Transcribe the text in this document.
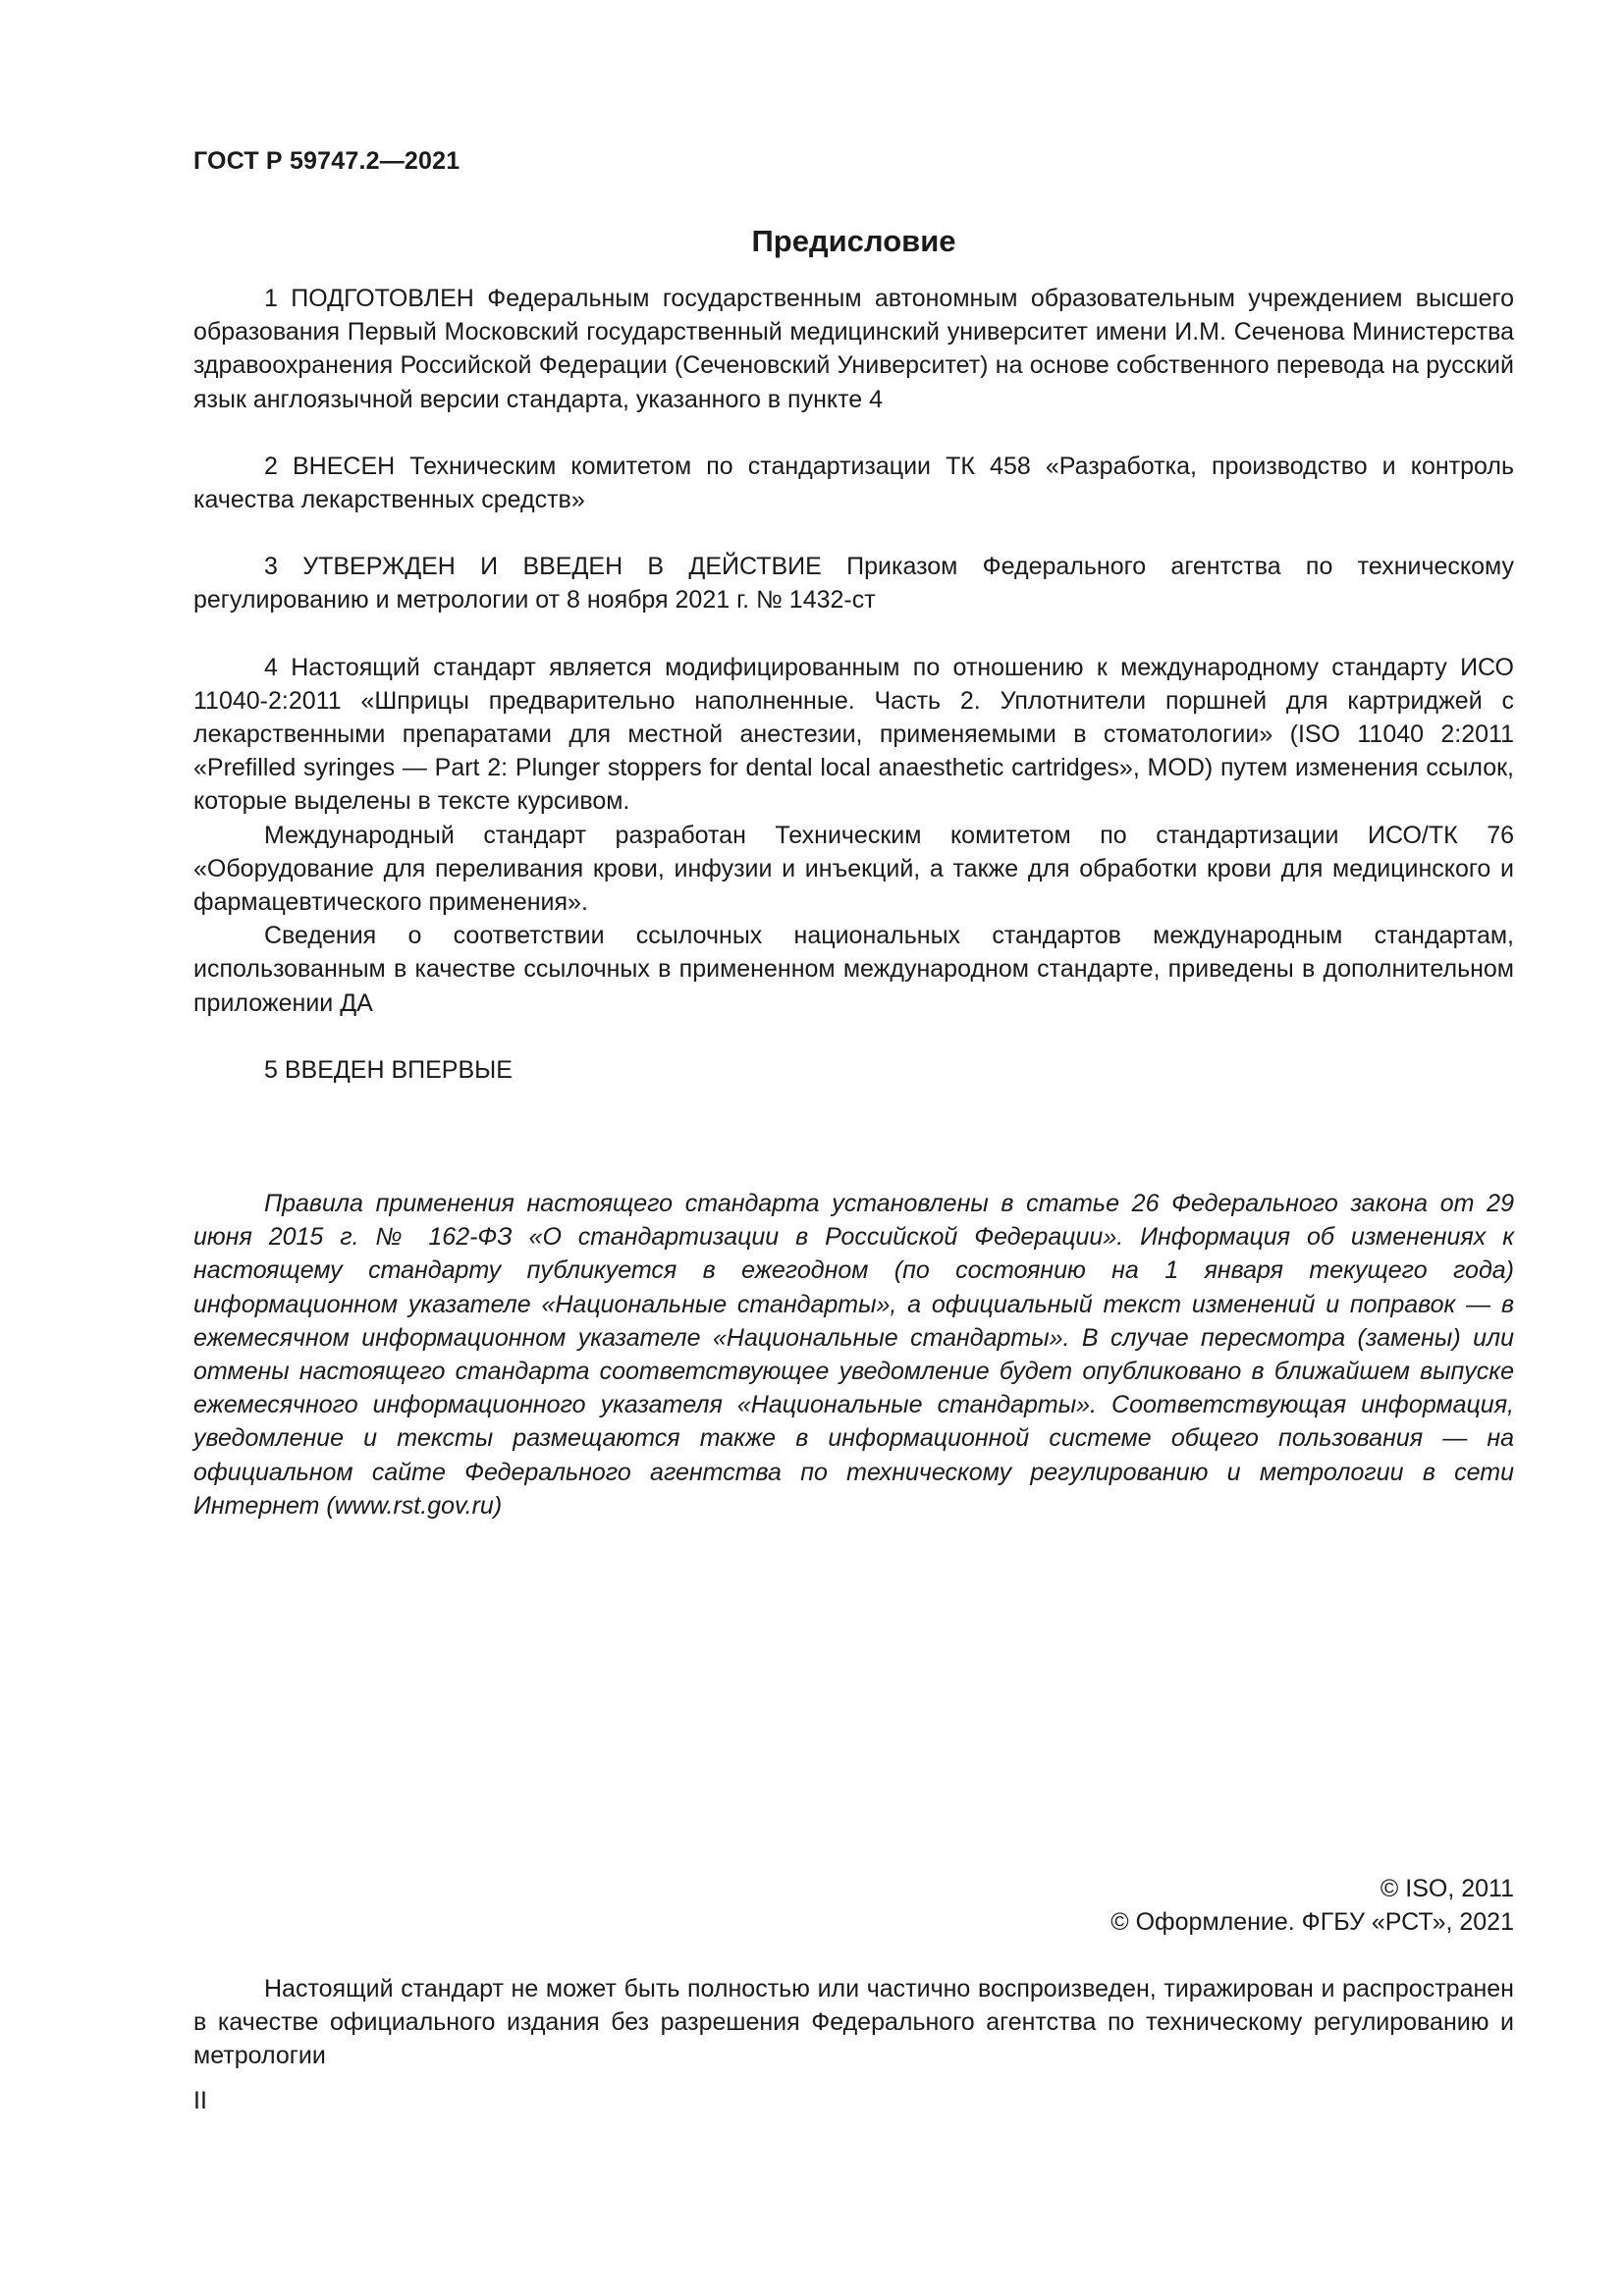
ГОСТ Р 59747.2—2021
Предисловие

1 ПОДГОТОВЛЕН Федеральным государственным автономным образовательным учреждением высшего образования Первый Московский государственный медицинский университет имени И.М. Сеченова Министерства здравоохранения Российской Федерации (Сеченовский Университет) на основе собственного перевода на русский язык англоязычной версии стандарта, указанного в пункте 4

2 ВНЕСЕН Техническим комитетом по стандартизации ТК 458 «Разработка, производство и контроль качества лекарственных средств»

3 УТВЕРЖДЕН И ВВЕДЕН В ДЕЙСТВИЕ Приказом Федерального агентства по техническому регулированию и метрологии от 8 ноября 2021 г. № 1432-ст

4 Настоящий стандарт является модифицированным по отношению к международному стандарту ИСО 11040-2:2011 «Шприцы предварительно наполненные. Часть 2. Уплотнители поршней для картриджей с лекарственными препаратами для местной анестезии, применяемыми в стоматологии» (ISO 11040 2:2011 «Prefilled syringes — Part 2: Plunger stoppers for dental local anaesthetic cartridges», MOD) путем изменения ссылок, которые выделены в тексте курсивом.

Международный стандарт разработан Техническим комитетом по стандартизации ИСО/ТК 76 «Оборудование для переливания крови, инфузии и инъекций, а также для обработки крови для медицинского и фармацевтического применения».

Сведения о соответствии ссылочных национальных стандартов международным стандартам, использованным в качестве ссылочных в примененном международном стандарте, приведены в дополнительном приложении ДА

5 ВВЕДЕН ВПЕРВЫЕ

Правила применения настоящего стандарта установлены в статье 26 Федерального закона от 29 июня 2015 г. № 162-ФЗ «О стандартизации в Российской Федерации». Информация об изменениях к настоящему стандарту публикуется в ежегодном (по состоянию на 1 января текущего года) информационном указателе «Национальные стандарты», а официальный текст изменений и поправок — в ежемесячном информационном указателе «Национальные стандарты». В случае пересмотра (замены) или отмены настоящего стандарта соответствующее уведомление будет опубликовано в ближайшем выпуске ежемесячного информационного указателя «Национальные стандарты». Соответствующая информация, уведомление и тексты размещаются также в информационной системе общего пользования — на официальном сайте Федерального агентства по техническому регулированию и метрологии в сети Интернет (www.rst.gov.ru)

© ISO, 2011
© Оформление. ФГБУ «РСТ», 2021

Настоящий стандарт не может быть полностью или частично воспроизведен, тиражирован и распространен в качестве официального издания без разрешения Федерального агентства по техническому регулированию и метрологии

II
